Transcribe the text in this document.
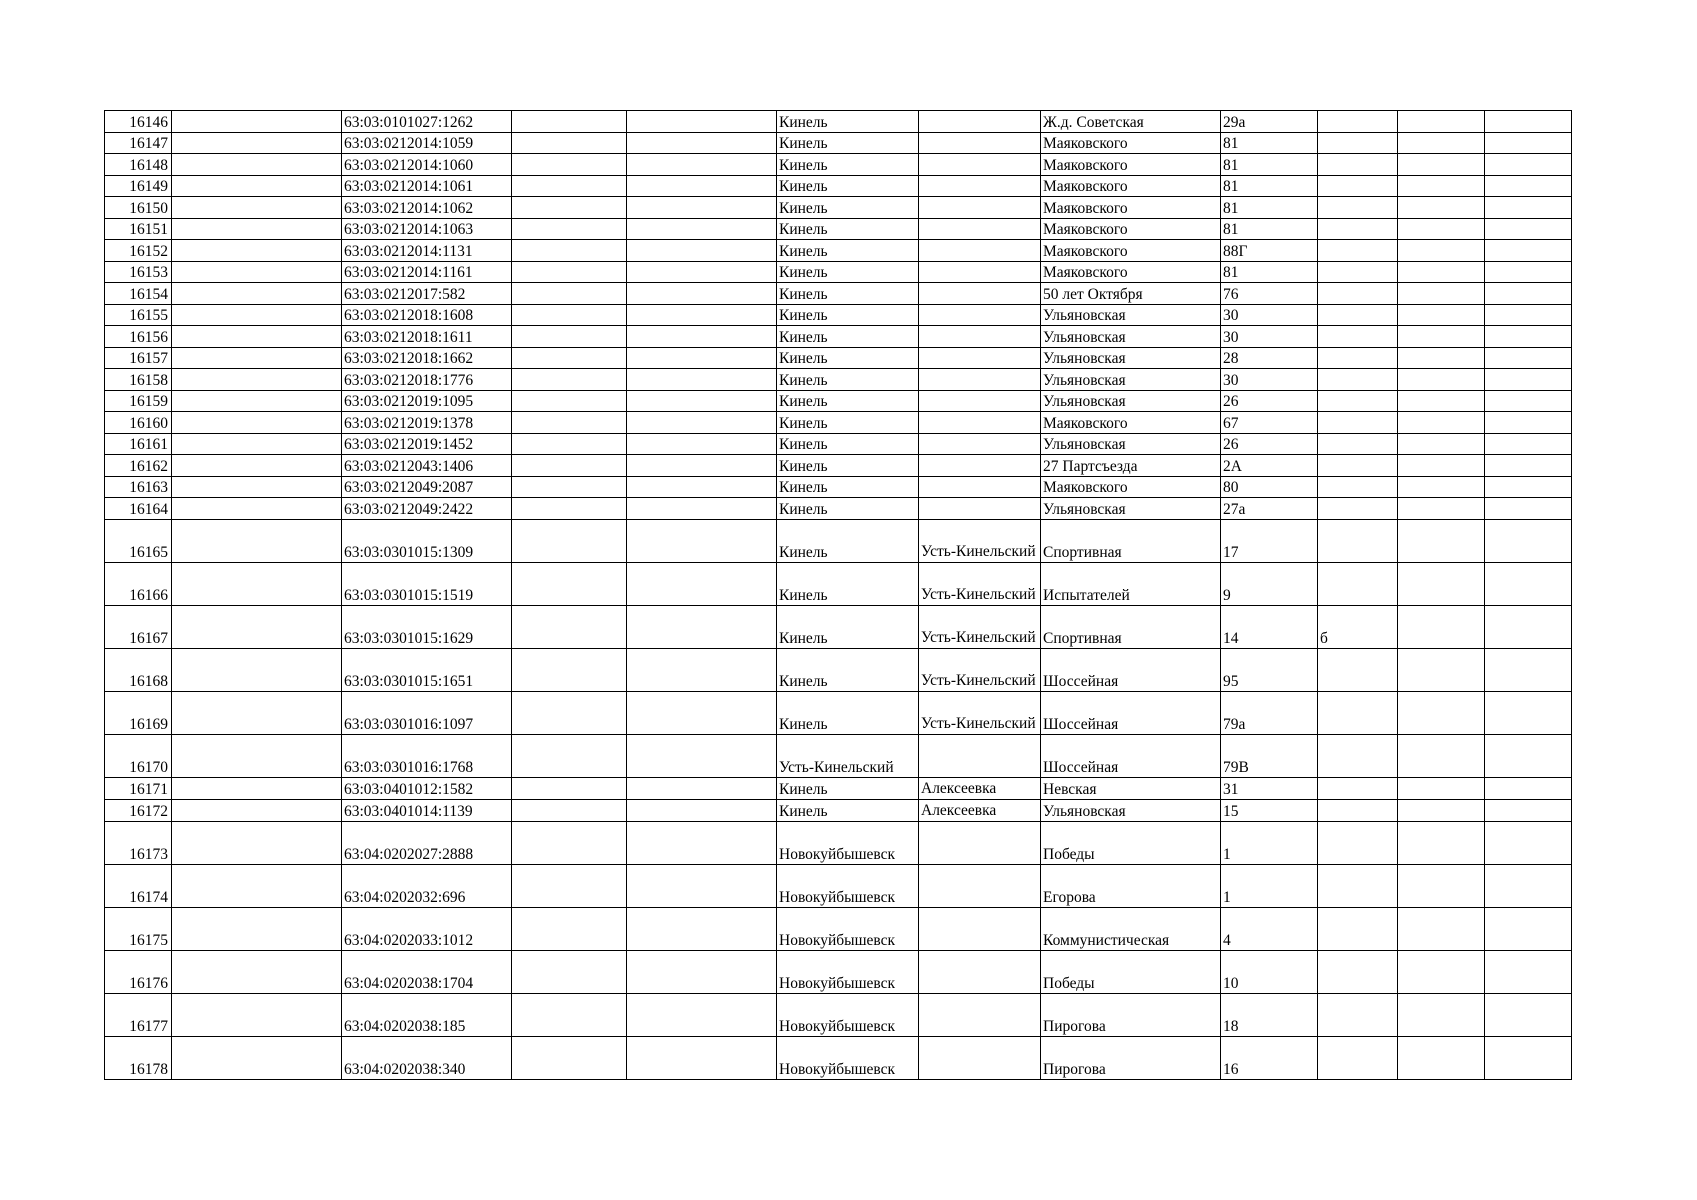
16146		63:03:0101027:1262			Кинель		Ж.д. Советская	29а			
16147		63:03:0212014:1059			Кинель		Маяковского	81			
16148		63:03:0212014:1060			Кинель		Маяковского	81			
16149		63:03:0212014:1061			Кинель		Маяковского	81			
16150		63:03:0212014:1062			Кинель		Маяковского	81			
16151		63:03:0212014:1063			Кинель		Маяковского	81			
16152		63:03:0212014:1131			Кинель		Маяковского	88Г			
16153		63:03:0212014:1161			Кинель		Маяковского	81			
16154		63:03:0212017:582			Кинель		50 лет Октября	76			
16155		63:03:0212018:1608			Кинель		Ульяновская	30			
16156		63:03:0212018:1611			Кинель		Ульяновская	30			
16157		63:03:0212018:1662			Кинель		Ульяновская	28			
16158		63:03:0212018:1776			Кинель		Ульяновская	30			
16159		63:03:0212019:1095			Кинель		Ульяновская	26			
16160		63:03:0212019:1378			Кинель		Маяковского	67			
16161		63:03:0212019:1452			Кинель		Ульяновская	26			
16162		63:03:0212043:1406			Кинель		27 Партсъезда	2А			
16163		63:03:0212049:2087			Кинель		Маяковского	80			
16164		63:03:0212049:2422			Кинель		Ульяновская	27а			
16165		63:03:0301015:1309			Кинель	Усть-Кинельский	Спортивная	17			
16166		63:03:0301015:1519			Кинель	Усть-Кинельский	Испытателей	9			
16167		63:03:0301015:1629			Кинель	Усть-Кинельский	Спортивная	14	б		
16168		63:03:0301015:1651			Кинель	Усть-Кинельский	Шоссейная	95			
16169		63:03:0301016:1097			Кинель	Усть-Кинельский	Шоссейная	79а			
16170		63:03:0301016:1768			Усть-Кинельский		Шоссейная	79В			
16171		63:03:0401012:1582			Кинель	Алексеевка	Невская	31			
16172		63:03:0401014:1139			Кинель	Алексеевка	Ульяновская	15			
16173		63:04:0202027:2888			Новокуйбышевск		Победы	1			
16174		63:04:0202032:696			Новокуйбышевск		Егорова	1			
16175		63:04:0202033:1012			Новокуйбышевск		Коммунистическая	4			
16176		63:04:0202038:1704			Новокуйбышевск		Победы	10			
16177		63:04:0202038:185			Новокуйбышевск		Пирогова	18			
16178		63:04:0202038:340			Новокуйбышевск		Пирогова	16			
